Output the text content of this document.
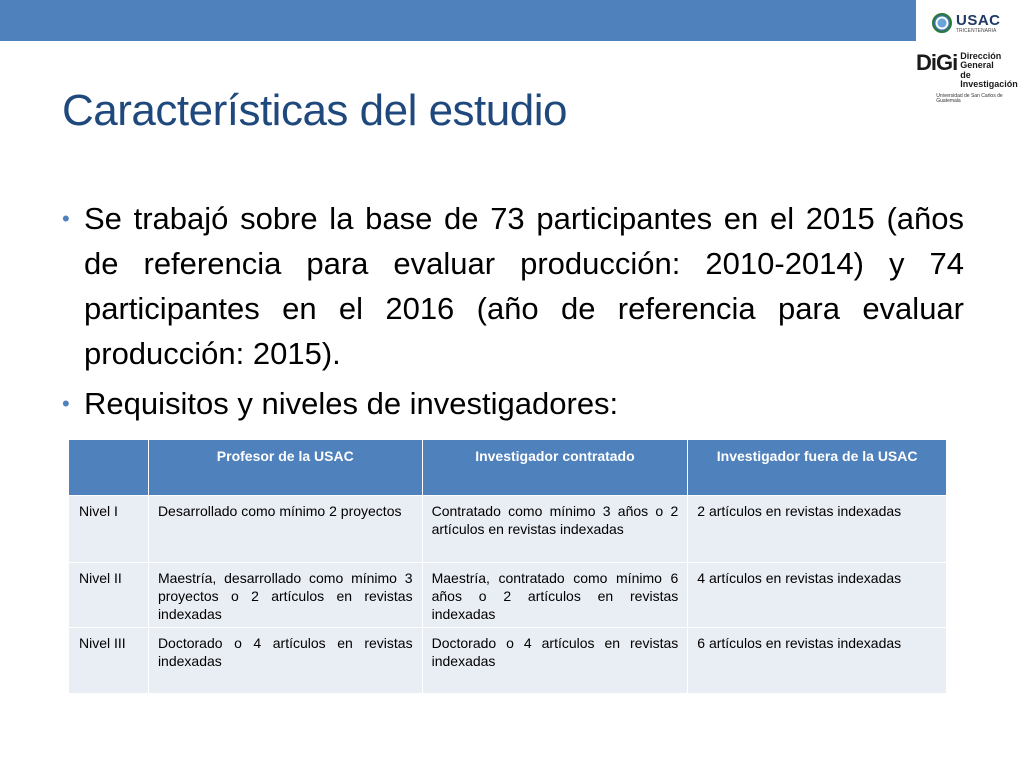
USAC
TRICENTENARIA
DiGi Dirección General
de Investigación
Universidad de San Carlos de Guatemala
Características del estudio
• Se trabajó sobre la base de 73 participantes en el 2015 (años de referencia para evaluar producción: 2010-2014) y 74 participantes en el 2016 (año de referencia para evaluar producción: 2015).
• Requisitos y niveles de investigadores:
	Profesor de la USAC	Investigador contratado	Investigador fuera de la USAC
Nivel I	Desarrollado como mínimo 2 proyectos	Contratado como mínimo 3 años o 2 artículos en revistas indexadas	2 artículos en revistas indexadas
Nivel II	Maestría, desarrollado como mínimo 3 proyectos o 2 artículos en revistas indexadas	Maestría, contratado como mínimo 6 años o 2 artículos en revistas indexadas	4 artículos en revistas indexadas
Nivel III	Doctorado o 4 artículos en revistas indexadas	Doctorado o 4 artículos en revistas indexadas	6 artículos en revistas indexadas
